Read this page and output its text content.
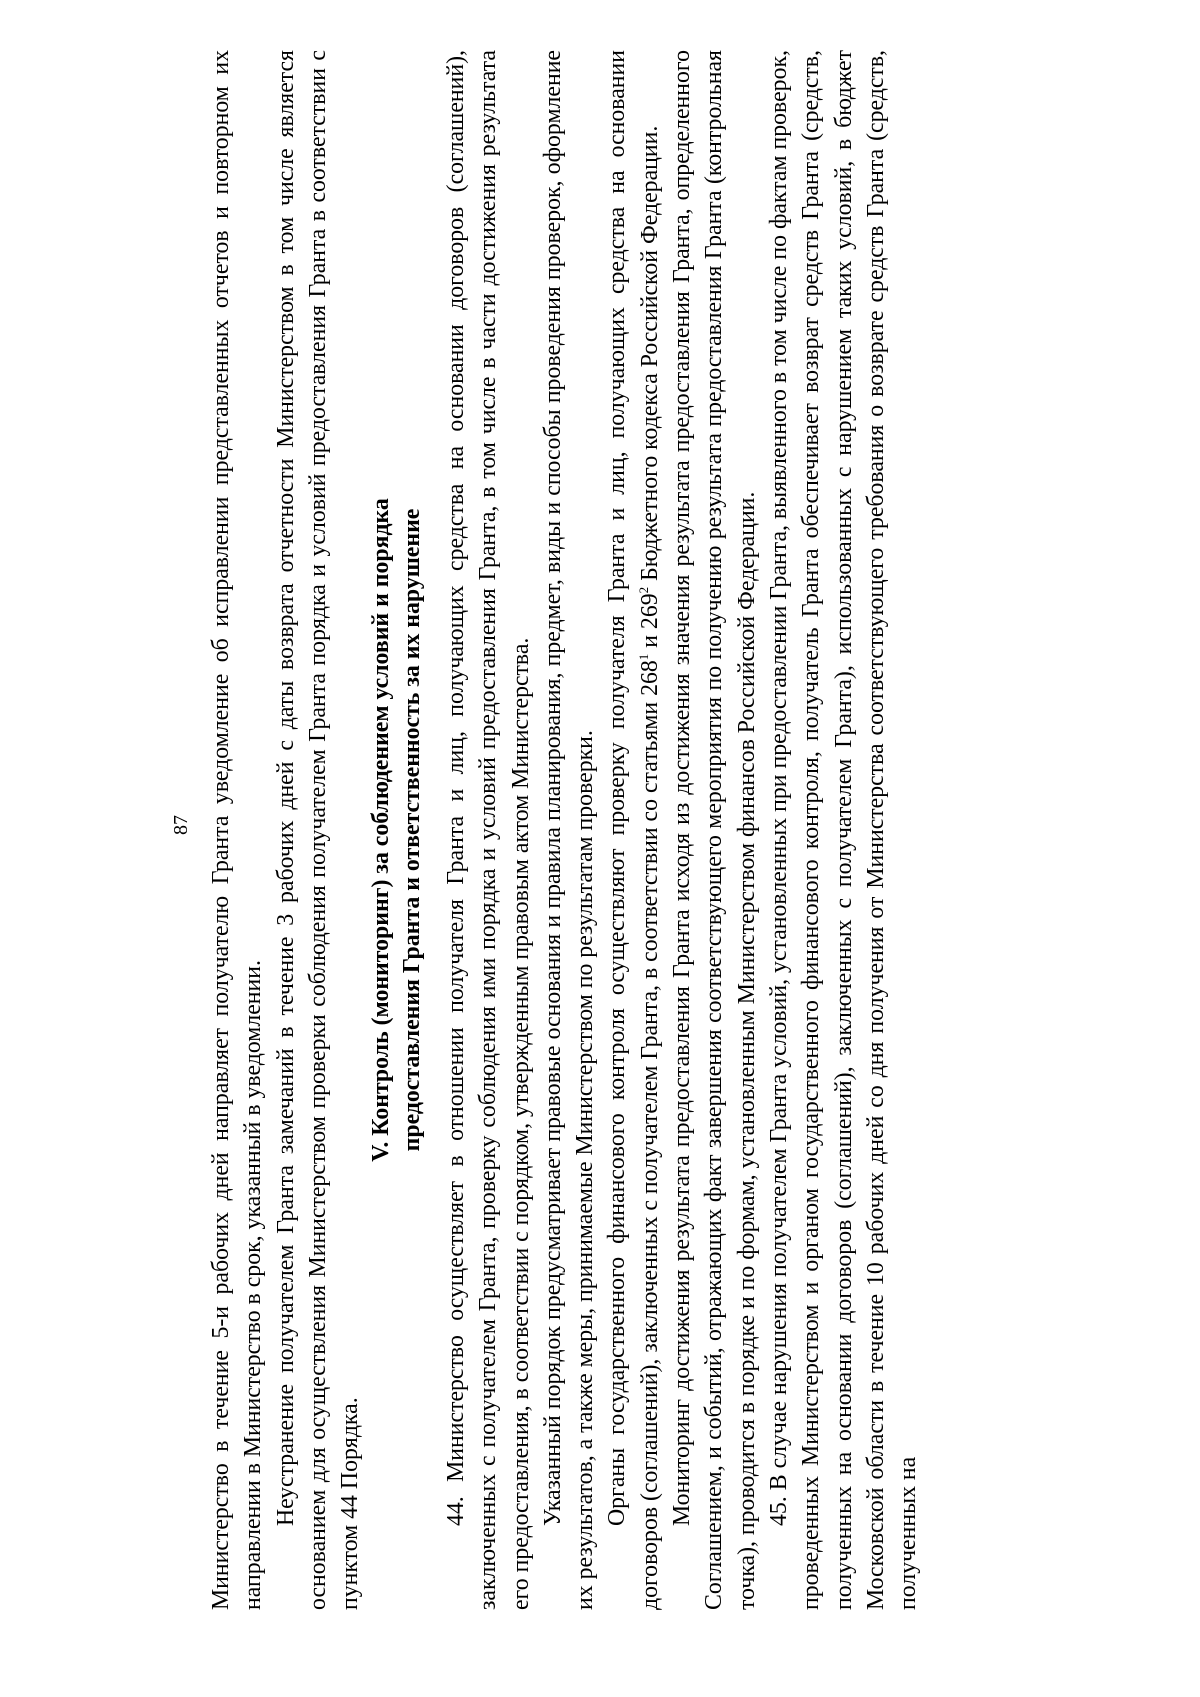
87 Министерство в течение 5-и рабочих дней направляет получателю Гранта уведомление об исправлении представленных отчетов и повторном их направлении в Министерство в срок, указанный в уведомлении. Неустранение получателем Гранта замечаний в течение 3 рабочих дней с даты возврата отчетности Министерством в том числе является основанием для осуществления Министерством проверки соблюдения получателем Гранта порядка и условий предоставления Гранта в соответствии с пунктом 44 Порядка.

V. Контроль (мониторинг) за соблюдением условий и порядка предоставления Гранта и ответственность за их нарушение 44. Министерство осуществляет в отношении получателя Гранта и лиц, получающих средства на основании договоров (соглашений), заключенных с получателем Гранта, проверку соблюдения ими порядка и условий предоставления Гранта, в том числе в части достижения результата его предоставления, в соответствии с порядком, утвержденным правовым актом Министерства. Указанный порядок предусматривает правовые основания и правила планирования, предмет, виды и способы проведения проверок, оформление их результатов, а также меры, принимаемые Министерством по результатам проверки. Органы государственного финансового контроля осуществляют проверку получателя Гранта и лиц, получающих средства на основании договоров (соглашений), заключенных с получателем Гранта, в соответствии со статьями $268^1$ и $269^2$ Бюджетного кодекса Российской Федерации. Мониторинг достижения результата предоставления Гранта исходя из достижения значения результата предоставления Гранта, определенного Соглашением, и событий, отражающих факт завершения соответствующего мероприятия по получению результата предоставления Гранта (контрольная точка), проводится в порядке и по формам, установленным Министерством финансов Российской Федерации. 45. В случае нарушения получателем Гранта условий, установленных при предоставлении Гранта, выявленного в том числе по фактам проверок, проведенных Министерством и органом государственного финансового контроля, получатель Гранта обеспечивает возврат средств Гранта (средств, полученных на основании договоров (соглашений), заключенных с получателем Гранта), использованных с нарушением таких условий, в бюджет Московской области в течение 10 рабочих дней со дня получения от Министерства соответствующего требования о возврате средств Гранта (средств, полученных на
